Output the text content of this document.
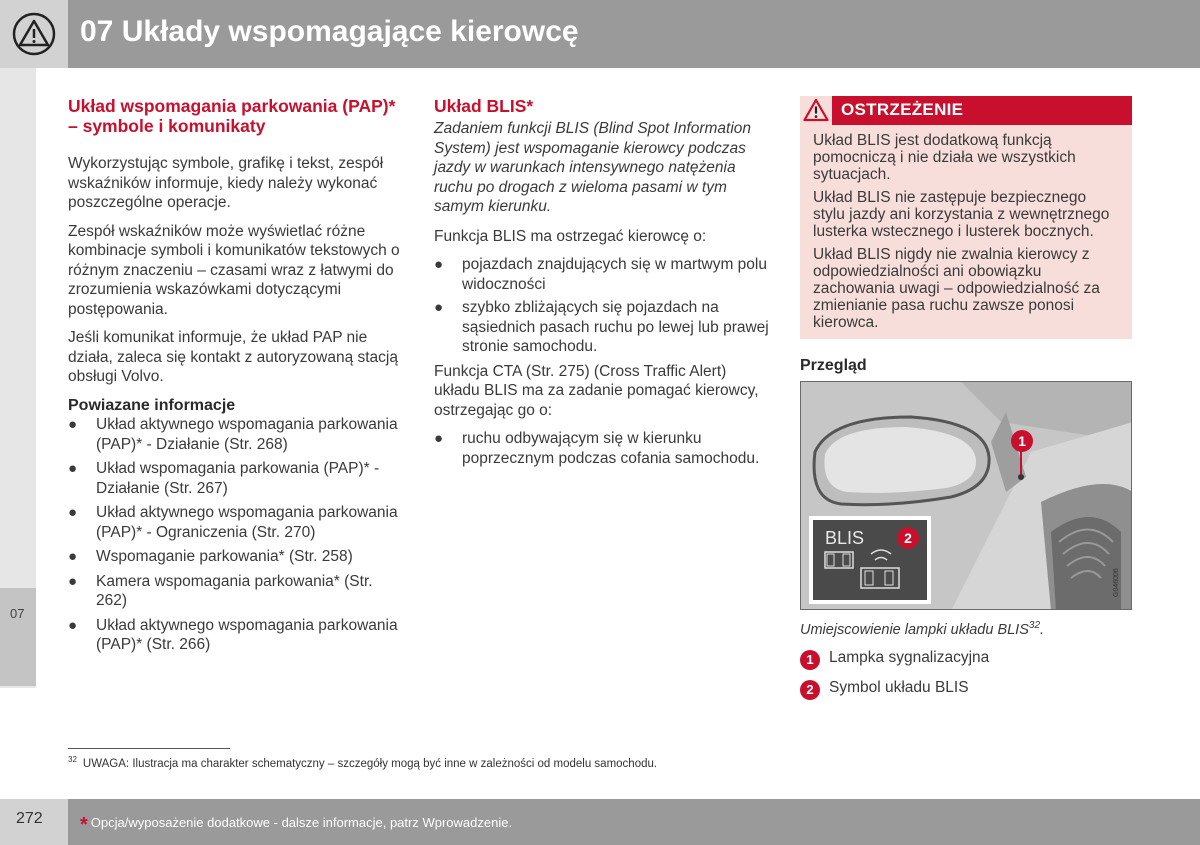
07 Układy wspomagające kierowcę
07
Układ wspomagania parkowania (PAP)* – symbole i komunikaty

Wykorzystując symbole, grafikę i tekst, zespół wskaźników informuje, kiedy należy wykonać poszczególne operacje.

Zespół wskaźników może wyświetlać różne kombinacje symboli i komunikatów tekstowych o różnym znaczeniu – czasami wraz z łatwymi do zrozumienia wskazówkami dotyczącymi postępowania.

Jeśli komunikat informuje, że układ PAP nie działa, zaleca się kontakt z autoryzowaną stacją obsługi Volvo.

Powiazane informacje
● Układ aktywnego wspomagania parkowania (PAP)* - Działanie (Str. 268)
● Układ wspomagania parkowania (PAP)* - Działanie (Str. 267)
● Układ aktywnego wspomagania parkowania (PAP)* - Ograniczenia (Str. 270)
● Wspomaganie parkowania* (Str. 258)
● Kamera wspomagania parkowania* (Str. 262)
● Układ aktywnego wspomagania parkowania (PAP)* (Str. 266)
Układ BLIS*

Zadaniem funkcji BLIS (Blind Spot Information System) jest wspomaganie kierowcy podczas jazdy w warunkach intensywnego natężenia ruchu po drogach z wieloma pasami w tym samym kierunku.

Funkcja BLIS ma ostrzegać kierowcę o:

● pojazdach znajdujących się w martwym polu widoczności
● szybko zbliżających się pojazdach na sąsiednich pasach ruchu po lewej lub prawej stronie samochodu.

Funkcja CTA (Str. 275) (Cross Traffic Alert) układu BLIS ma za zadanie pomagać kierowcy, ostrzegając go o:

● ruchu odbywającym się w kierunku poprzecznym podczas cofania samochodu.
OSTRZEŻENIE

Układ BLIS jest dodatkową funkcją pomocniczą i nie działa we wszystkich sytuacjach.

Układ BLIS nie zastępuje bezpiecznego stylu jazdy ani korzystania z wewnętrznego lusterka wstecznego i lusterek bocznych.

Układ BLIS nigdy nie zwalnia kierowcy z odpowiedzialności ani obowiązku zachowania uwagi – odpowiedzialność za zmienianie pasa ruchu zawsze ponosi kierowca.

Przegląd
1
BLIS	2
G046006
Umiejscowienie lampki układu BLIS$^{32}$.
1 Lampka sygnalizacyjna
2 Symbol układu BLIS
$^{32}$ UWAGA: Ilustracja ma charakter schematyczny – szczegóły mogą być inne w zależności od modelu samochodu.
272 * Opcja/wyposażenie dodatkowe - dalsze informacje, patrz Wprowadzenie.
